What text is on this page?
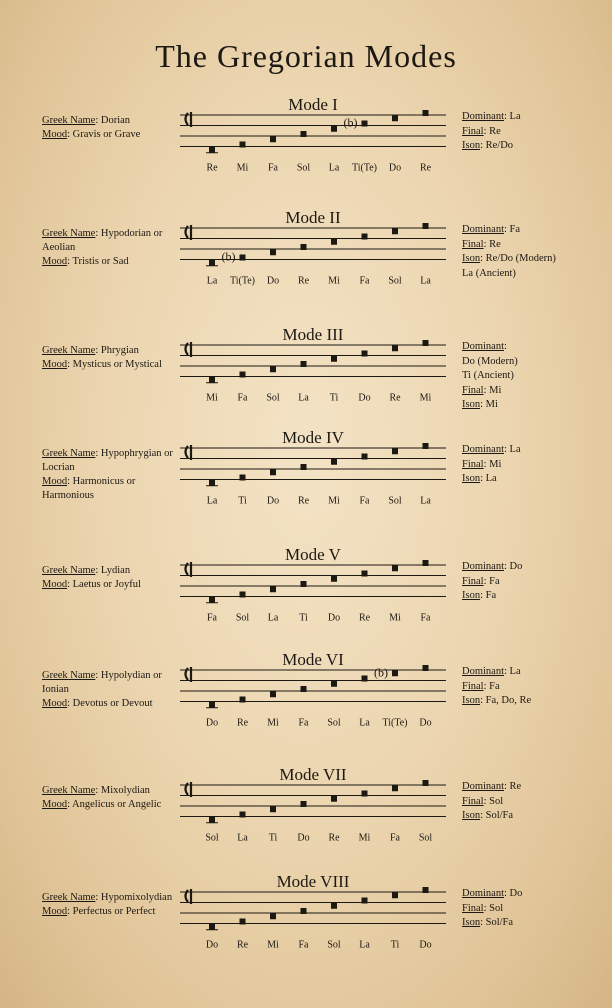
The Gregorian Modes
Mode I
Greek Name: Dorian
Mood: Gravis or Grave
Dominant: La
Final: Re
Ison: Re/Do
Re Mi Fa Sol La Ti(Te)
(b)
Do Re
Mode II
Greek Name: Hypodorian or Aeolian
Mood: Tristis or Sad
Dominant: Fa
Final: Re
Ison: Re/Do (Modern)
La (Ancient)
La Ti(Te)
(b)
Do Re Mi Fa Sol La
Mode III
Greek Name: Phrygian
Mood: Mysticus or Mystical
Dominant:
Do (Modern)
Ti (Ancient)
Final: Mi
Ison: Mi
Mi Fa Sol La Ti Do Re Mi
Mode IV
Greek Name: Hypophrygian or Locrian
Mood: Harmonicus or Harmonious
Dominant: La
Final: Mi
Ison: La
La Ti Do Re Mi Fa Sol La
Mode V
Greek Name: Lydian
Mood: Laetus or Joyful
Dominant: Do
Final: Fa
Ison: Fa
Fa Sol La Ti Do Re Mi Fa
Mode VI
Greek Name: Hypolydian or Ionian
Mood: Devotus or Devout
Dominant: La
Final: Fa
Ison: Fa, Do, Re
Do Re Mi Fa Sol La Ti(Te)
(b)
Do
Mode VII
Greek Name: Mixolydian
Mood: Angelicus or Angelic
Dominant: Re
Final: Sol
Ison: Sol/Fa
Sol La Ti Do Re Mi Fa Sol
Mode VIII
Greek Name: Hypomixolydian
Mood: Perfectus or Perfect
Dominant: Do
Final: Sol
Ison: Sol/Fa
Do Re Mi Fa Sol La Ti Do
